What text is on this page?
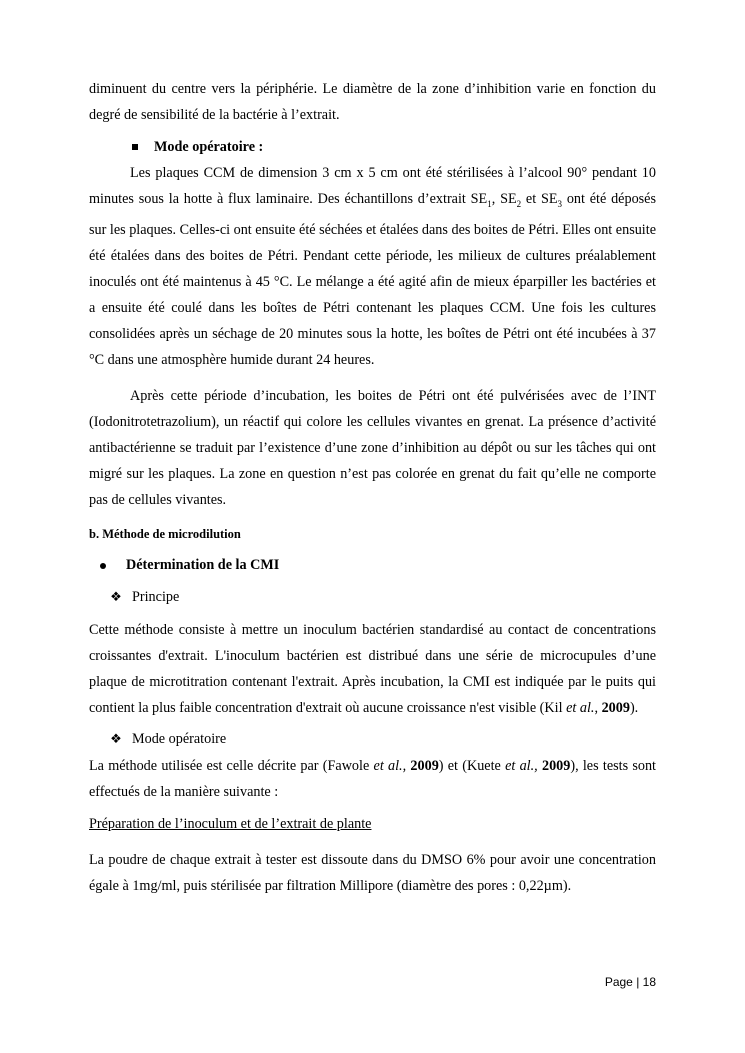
diminuent du centre vers la périphérie. Le diamètre de la zone d’inhibition varie en fonction du degré de sensibilité de la bactérie à l’extrait.

Mode opératoire :

Les plaques CCM de dimension 3 cm x 5 cm ont été stérilisées à l’alcool 90° pendant 10 minutes sous la hotte à flux laminaire. Des échantillons d’extrait $SE_1$, $SE_2$ et $SE_3$ ont été déposés sur les plaques. Celles-ci ont ensuite été séchées et étalées dans des boites de Pétri. Elles ont ensuite été étalées dans des boites de Pétri. Pendant cette période, les milieux de cultures préalablement inoculés ont été maintenus à 45 °C. Le mélange a été agité afin de mieux éparpiller les bactéries et a ensuite été coulé dans les boîtes de Pétri contenant les plaques CCM. Une fois les cultures consolidées après un séchage de 20 minutes sous la hotte, les boîtes de Pétri ont été incubées à 37 °C dans une atmosphère humide durant 24 heures.

Après cette période d’incubation, les boites de Pétri ont été pulvérisées avec de l’INT (Iodonitrotetrazolium), un réactif qui colore les cellules vivantes en grenat. La présence d’activité antibactérienne se traduit par l’existence d’une zone d’inhibition au dépôt ou sur les tâches qui ont migré sur les plaques. La zone en question n’est pas colorée en grenat du fait qu’elle ne comporte pas de cellules vivantes.

b. Méthode de microdilution
Détermination de la CMI
❖ Principe

Cette méthode consiste à mettre un inoculum bactérien standardisé au contact de concentrations croissantes d'extrait. L'inoculum bactérien est distribué dans une série de microcupules d’une plaque de microtitration contenant l'extrait. Après incubation, la CMI est indiquée par le puits qui contient la plus faible concentration d'extrait où aucune croissance n'est visible (Kil et al., 2009).

❖ Mode opératoire

La méthode utilisée est celle décrite par (Fawole et al., 2009) et (Kuete et al., 2009), les tests sont effectués de la manière suivante :

Préparation de l’inoculum et de l’extrait de plante

La poudre de chaque extrait à tester est dissoute dans du DMSO 6% pour avoir une concentration égale à 1mg/ml, puis stérilisée par filtration Millipore (diamètre des pores : 0,22µm).

Page | 18
